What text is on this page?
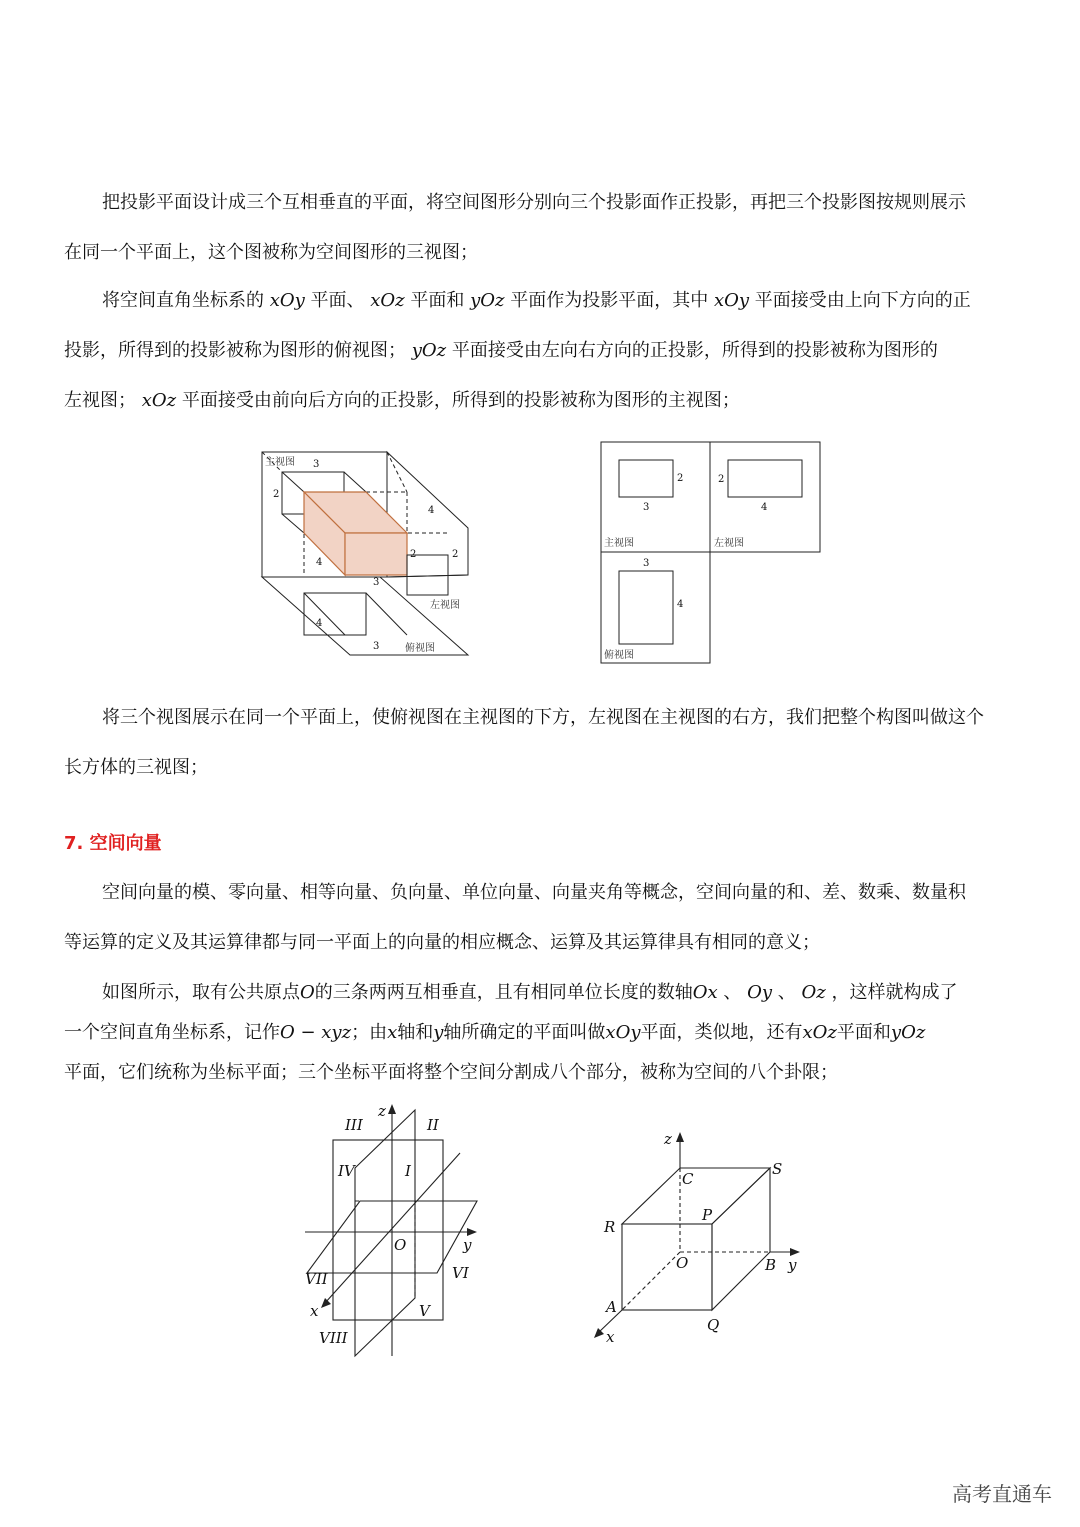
把投影平面设计成三个互相垂直的平面，将空间图形分别向三个投影面作正投影，再把三个投影图按规则展示
在同一个平面上，这个图被称为空间图形的三视图；
将空间直角坐标系的 xOy 平面、 xOz 平面和 yOz 平面作为投影平面，其中 xOy 平面接受由上向下方向的正
投影，所得到的投影被称为图形的俯视图； yOz 平面接受由左向右方向的正投影，所得到的投影被称为图形的
左视图； xOz 平面接受由前向后方向的正投影，所得到的投影被称为图形的主视图；
主视图 3
2
4
2	2
4
3
左视图
4
3	俯视图
2
3
2
4
主视图	左视图
3
4
俯视图
将三个视图展示在同一个平面上，使俯视图在主视图的下方，左视图在主视图的右方，我们把整个构图叫做这个
长方体的三视图；
7. 空间向量
空间向量的模、零向量、相等向量、负向量、单位向量、向量夹角等概念，空间向量的和、差、数乘、数量积
等运算的定义及其运算律都与同一平面上的向量的相应概念、运算及其运算律具有相同的意义；
如图所示，取有公共原点O的三条两两互相垂直，且有相同单位长度的数轴Ox 、 Oy 、 Oz ，这样就构成了
一个空间直角坐标系，记作O − xyz；由x轴和y轴所确定的平面叫做xOy平面，类似地，还有xOz平面和yOz
平面，它们统称为坐标平面；三个坐标平面将整个空间分割成八个部分，被称为空间的八个卦限；
z
y
x
O
III	II
IV	I
VII	VI
V
VIII
z
C
S
P
R
O	B y
A
Q
x
高考直通车
